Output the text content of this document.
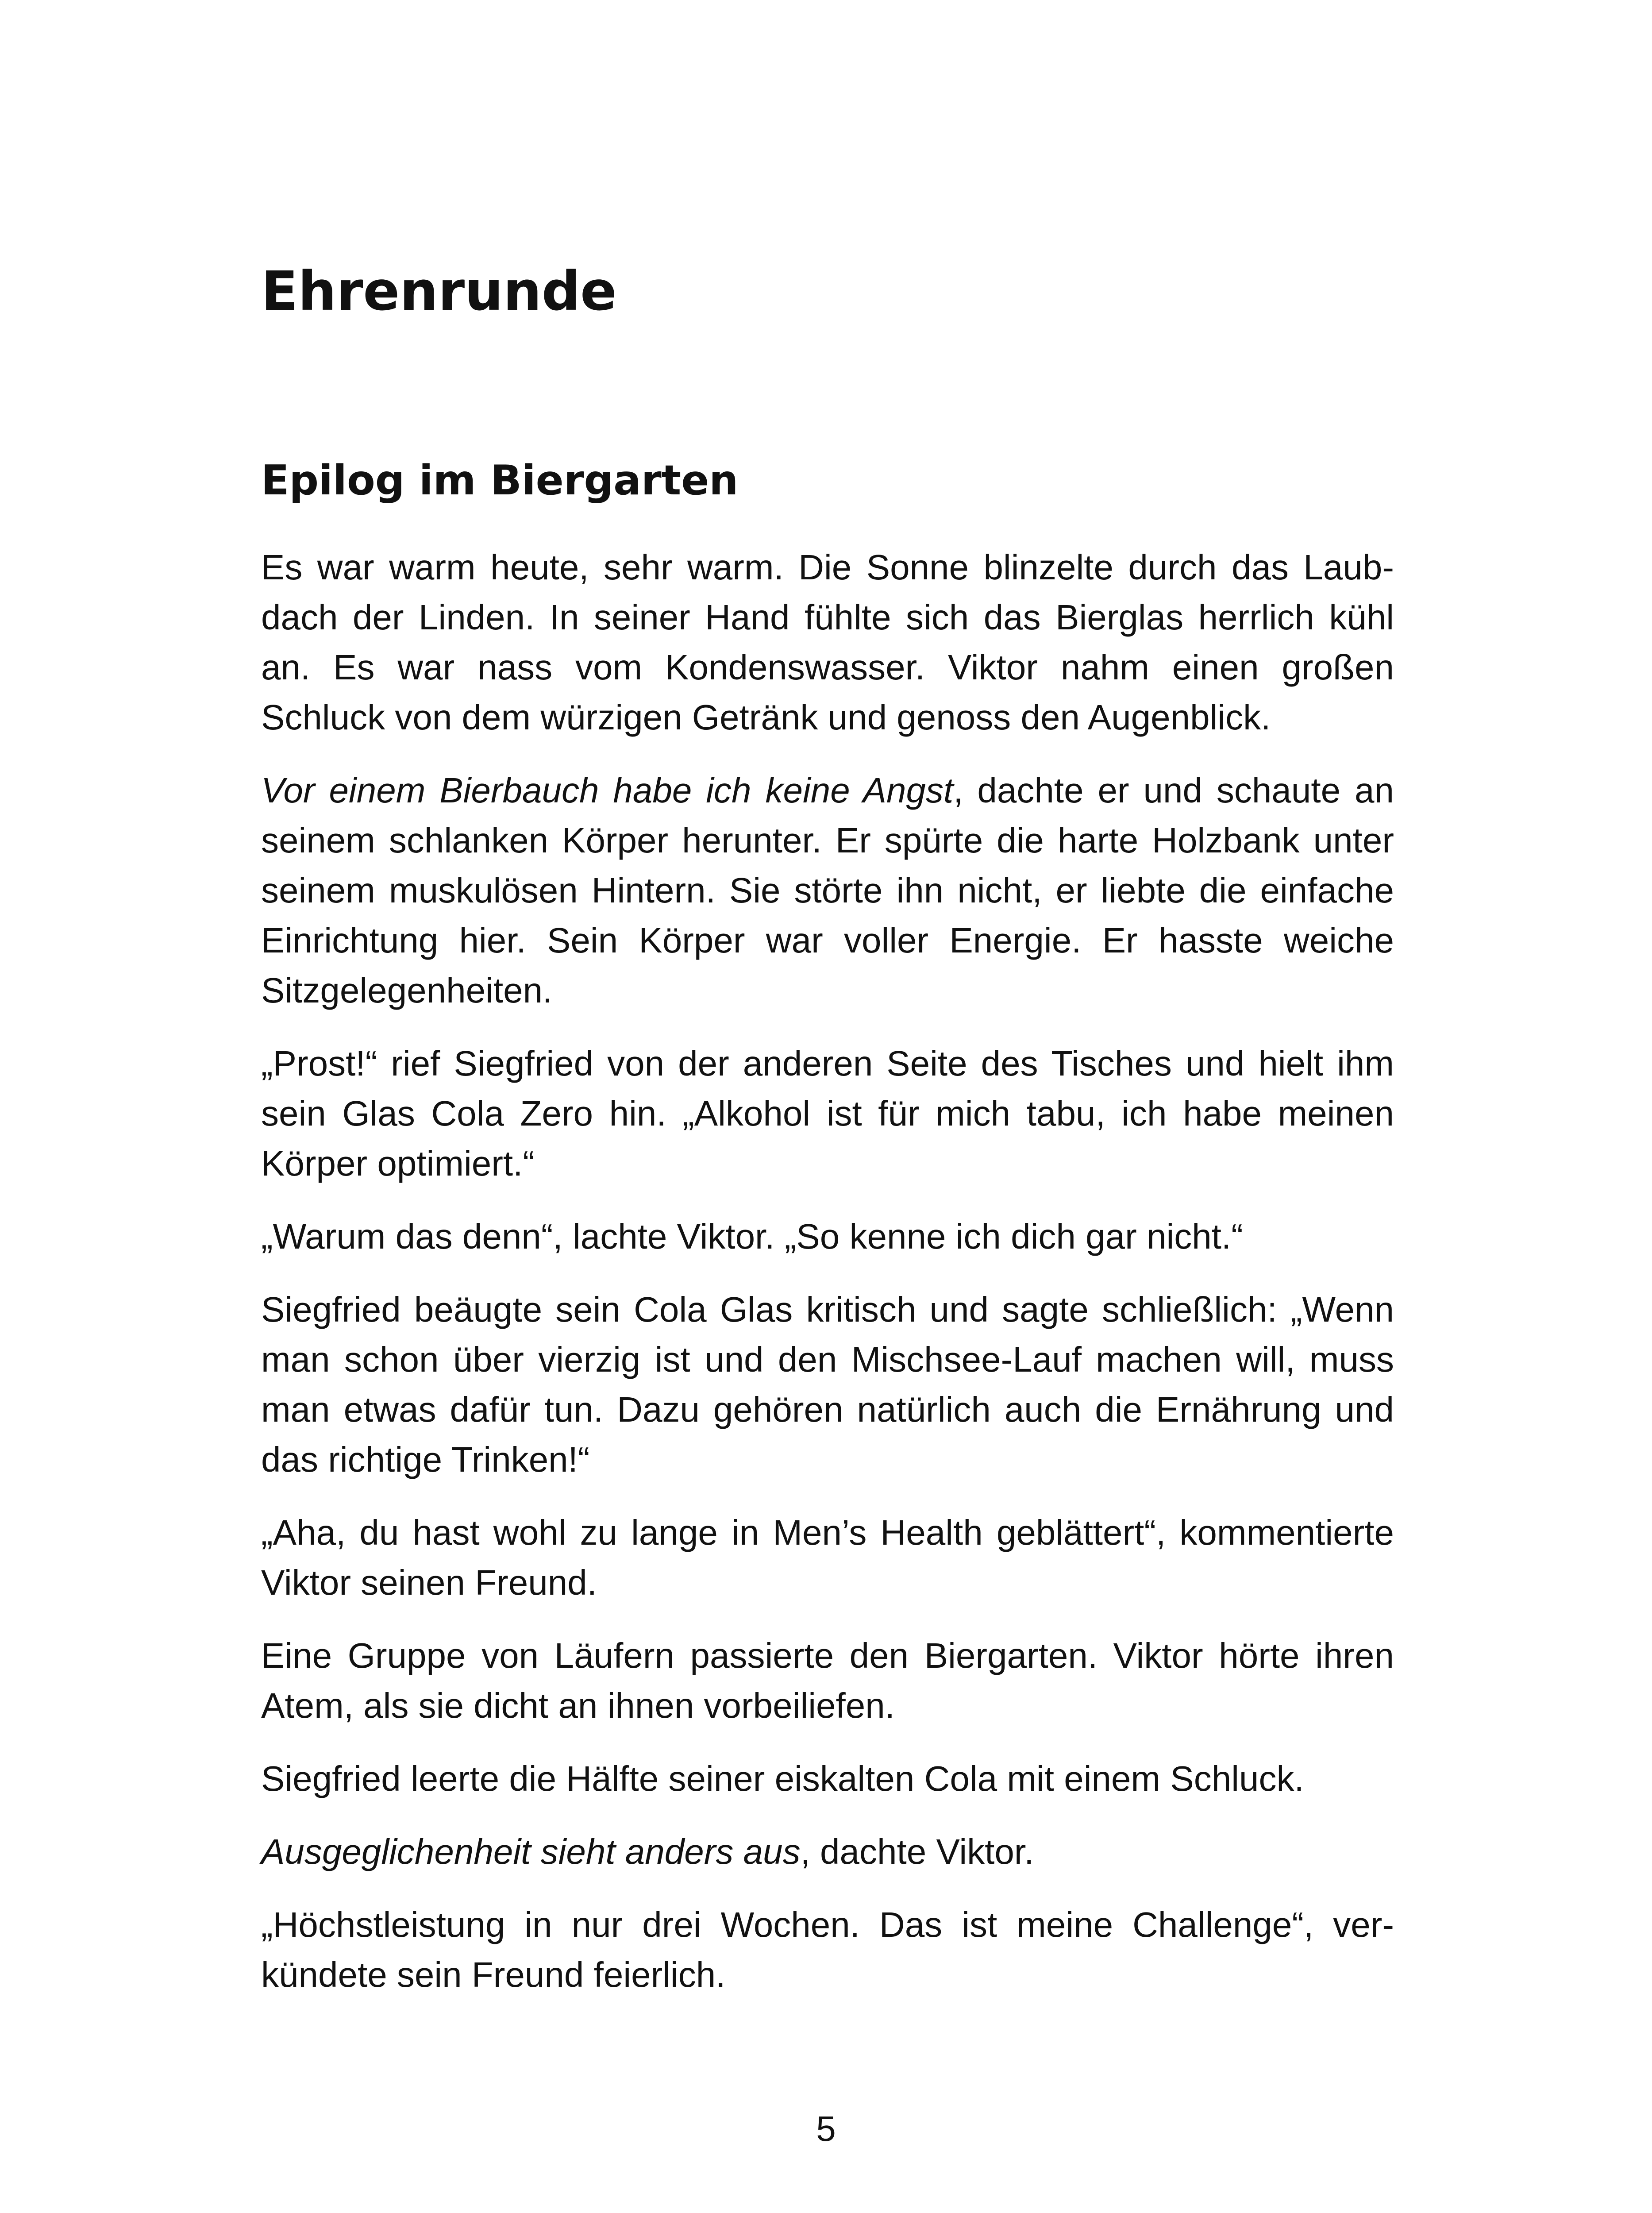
Ehrenrunde
Epilog im Biergarten

Es war warm heute, sehr warm. Die Sonne blinzelte durch das Laubdach der Linden. In seiner Hand fühlte sich das Bierglas herrlich kühl an. Es war nass vom Kondenswasser. Viktor nahm einen großen Schluck von dem würzigen Getränk und genoss den Augenblick.

Vor einem Bierbauch habe ich keine Angst, dachte er und schaute an seinem schlanken Körper herunter. Er spürte die harte Holzbank unter seinem muskulösen Hintern. Sie störte ihn nicht, er liebte die einfache Einrichtung hier. Sein Körper war voller Energie. Er hasste weiche Sitzgelegenheiten.

„Prost!“ rief Siegfried von der anderen Seite des Tisches und hielt ihm sein Glas Cola Zero hin. „Alkohol ist für mich tabu, ich habe meinen Körper optimiert.“

„Warum das denn“, lachte Viktor. „So kenne ich dich gar nicht.“

Siegfried beäugte sein Cola Glas kritisch und sagte schließlich: „Wenn man schon über vierzig ist und den Mischsee-Lauf machen will, muss man etwas dafür tun. Dazu gehören natürlich auch die Ernährung und das richtige Trinken!“

„Aha, du hast wohl zu lange in Men’s Health geblättert“, kommentierte Viktor seinen Freund.

Eine Gruppe von Läufern passierte den Biergarten. Viktor hörte ihren Atem, als sie dicht an ihnen vorbeiliefen.

Siegfried leerte die Hälfte seiner eiskalten Cola mit einem Schluck.

Ausgeglichenheit sieht anders aus, dachte Viktor.

„Höchstleistung in nur drei Wochen. Das ist meine Challenge“, verkündete sein Freund feierlich.

5
